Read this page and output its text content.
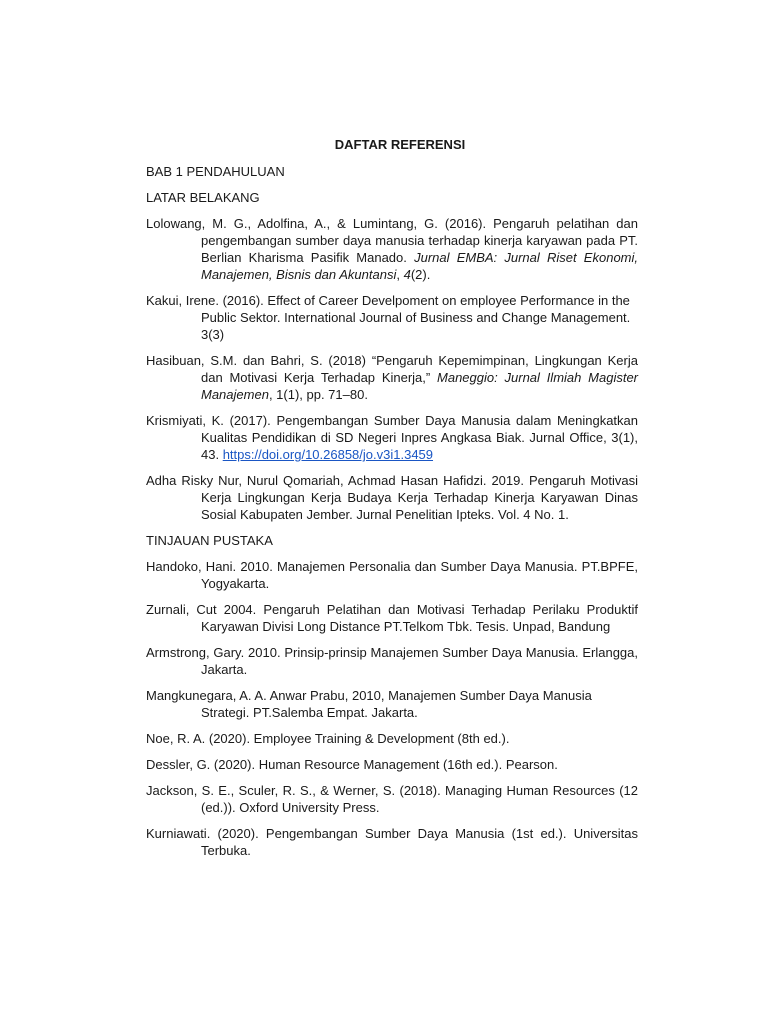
DAFTAR REFERENSI
BAB 1 PENDAHULUAN
LATAR BELAKANG
Lolowang, M. G., Adolfina, A., & Lumintang, G. (2016). Pengaruh pelatihan dan pengembangan sumber daya manusia terhadap kinerja karyawan pada PT. Berlian Kharisma Pasifik Manado. Jurnal EMBA: Jurnal Riset Ekonomi, Manajemen, Bisnis dan Akuntansi, 4(2).
Kakui, Irene. (2016). Effect of Career Develpoment on employee Performance in the Public Sektor. International Journal of Business and Change Management. 3(3)
Hasibuan, S.M. dan Bahri, S. (2018) “Pengaruh Kepemimpinan, Lingkungan Kerja dan Motivasi Kerja Terhadap Kinerja,” Maneggio: Jurnal Ilmiah Magister Manajemen, 1(1), pp. 71–80.
Krismiyati, K. (2017). Pengembangan Sumber Daya Manusia dalam Meningkatkan Kualitas Pendidikan di SD Negeri Inpres Angkasa Biak. Jurnal Office, 3(1), 43. https://doi.org/10.26858/jo.v3i1.3459
Adha Risky Nur, Nurul Qomariah, Achmad Hasan Hafidzi. 2019. Pengaruh Motivasi Kerja Lingkungan Kerja Budaya Kerja Terhadap Kinerja Karyawan Dinas Sosial Kabupaten Jember. Jurnal Penelitian Ipteks. Vol. 4 No. 1.
TINJAUAN PUSTAKA
Handoko, Hani. 2010. Manajemen Personalia dan Sumber Daya Manusia. PT.BPFE, Yogyakarta.
Zurnali, Cut 2004. Pengaruh Pelatihan dan Motivasi Terhadap Perilaku Produktif Karyawan Divisi Long Distance PT.Telkom Tbk. Tesis. Unpad, Bandung
Armstrong, Gary. 2010. Prinsip-prinsip Manajemen Sumber Daya Manusia. Erlangga, Jakarta.
Mangkunegara, A. A. Anwar Prabu, 2010, Manajemen Sumber Daya Manusia Strategi. PT.Salemba Empat. Jakarta.
Noe, R. A. (2020). Employee Training & Development (8th ed.).
Dessler, G. (2020). Human Resource Management (16th ed.). Pearson.
Jackson, S. E., Sculer, R. S., & Werner, S. (2018). Managing Human Resources (12 (ed.)). Oxford University Press.
Kurniawati. (2020). Pengembangan Sumber Daya Manusia (1st ed.). Universitas Terbuka.
